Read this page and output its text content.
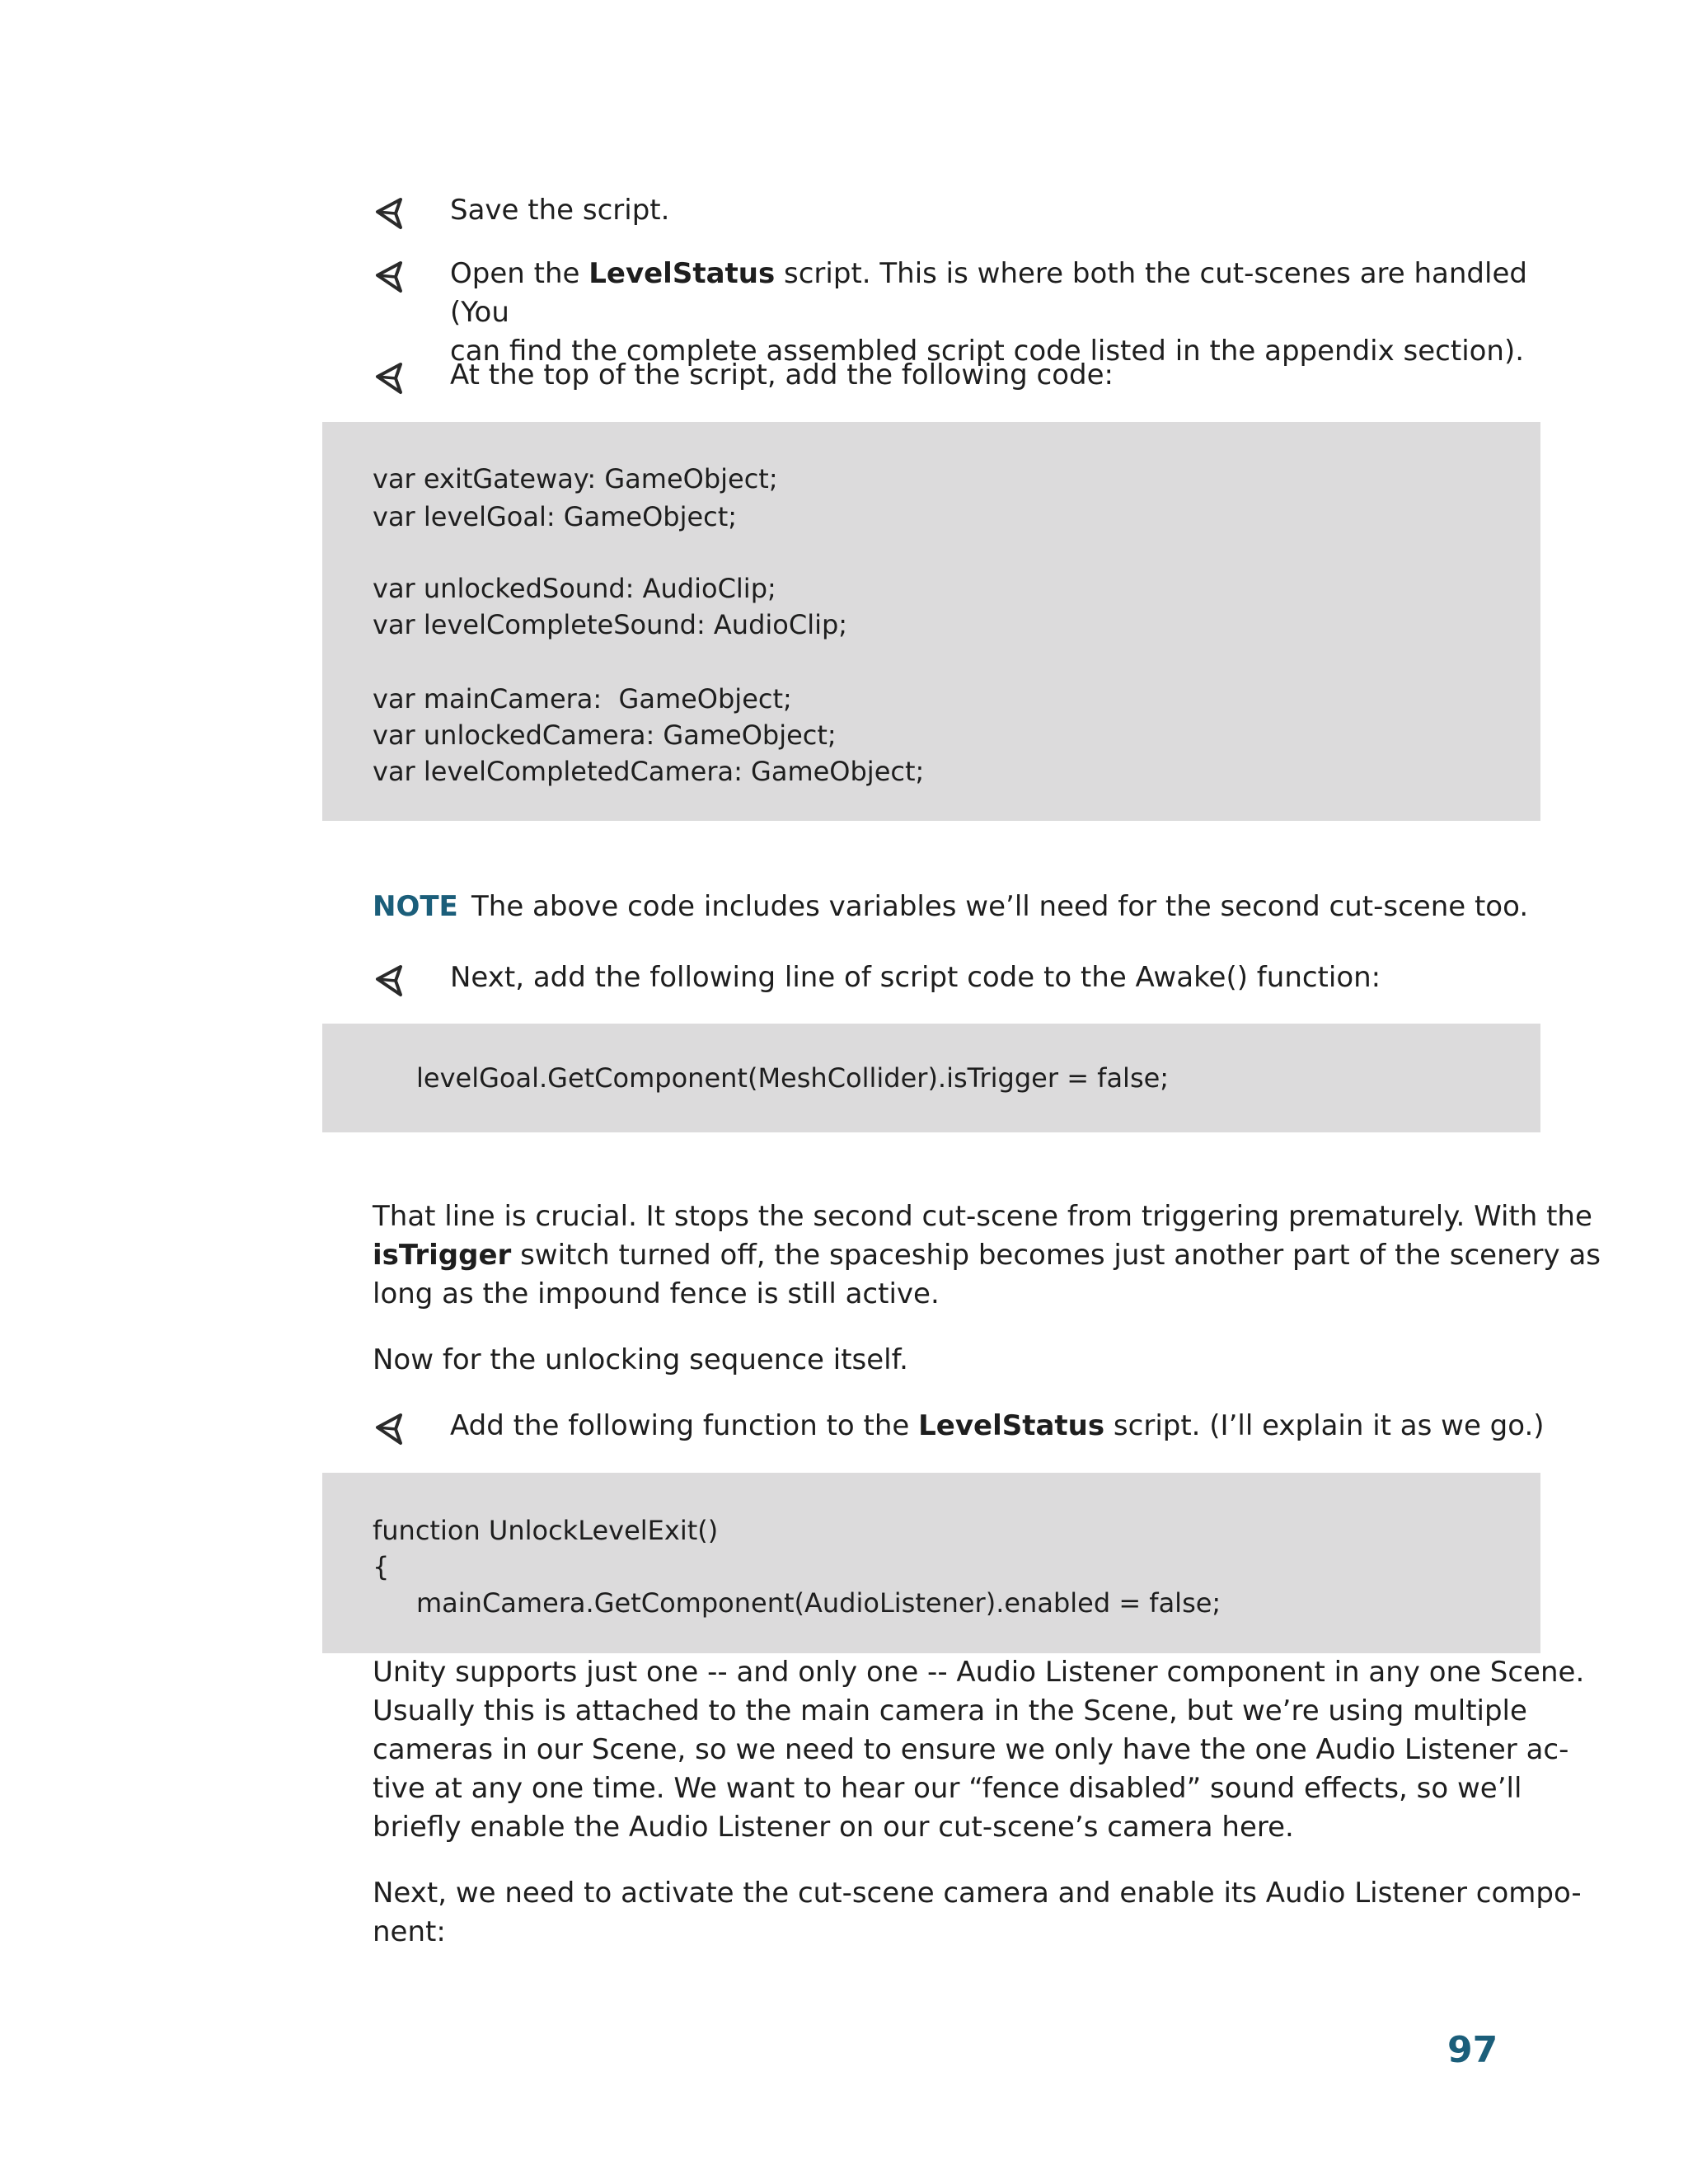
Save the script.
Open the LevelStatus script. This is where both the cut-scenes are handled (You
can find the complete assembled script code listed in the appendix section).
At the top of the script, add the following code:
var exitGateway: GameObject;
var levelGoal: GameObject;
var unlockedSound: AudioClip;
var levelCompleteSound: AudioClip;
var mainCamera:  GameObject;
var unlockedCamera: GameObject;
var levelCompletedCamera: GameObject;
NOTE The above code includes variables we’ll need for the second cut-scene too.
Next, add the following line of script code to the Awake() function:
levelGoal.GetComponent(MeshCollider).isTrigger = false;
That line is crucial. It stops the second cut-scene from triggering prematurely. With the
isTrigger switch turned off, the spaceship becomes just another part of the scenery as
long as the impound fence is still active.
Now for the unlocking sequence itself.
Add the following function to the LevelStatus script. (I’ll explain it as we go.)
function UnlockLevelExit()
{
mainCamera.GetComponent(AudioListener).enabled = false;
Unity supports just one -- and only one -- Audio Listener component in any one Scene.
Usually this is attached to the main camera in the Scene, but we’re using multiple
cameras in our Scene, so we need to ensure we only have the one Audio Listener ac-
tive at any one time. We want to hear our “fence disabled” sound effects, so we’ll
briefly enable the Audio Listener on our cut-scene’s camera here.
Next, we need to activate the cut-scene camera and enable its Audio Listener compo-
nent:
97
